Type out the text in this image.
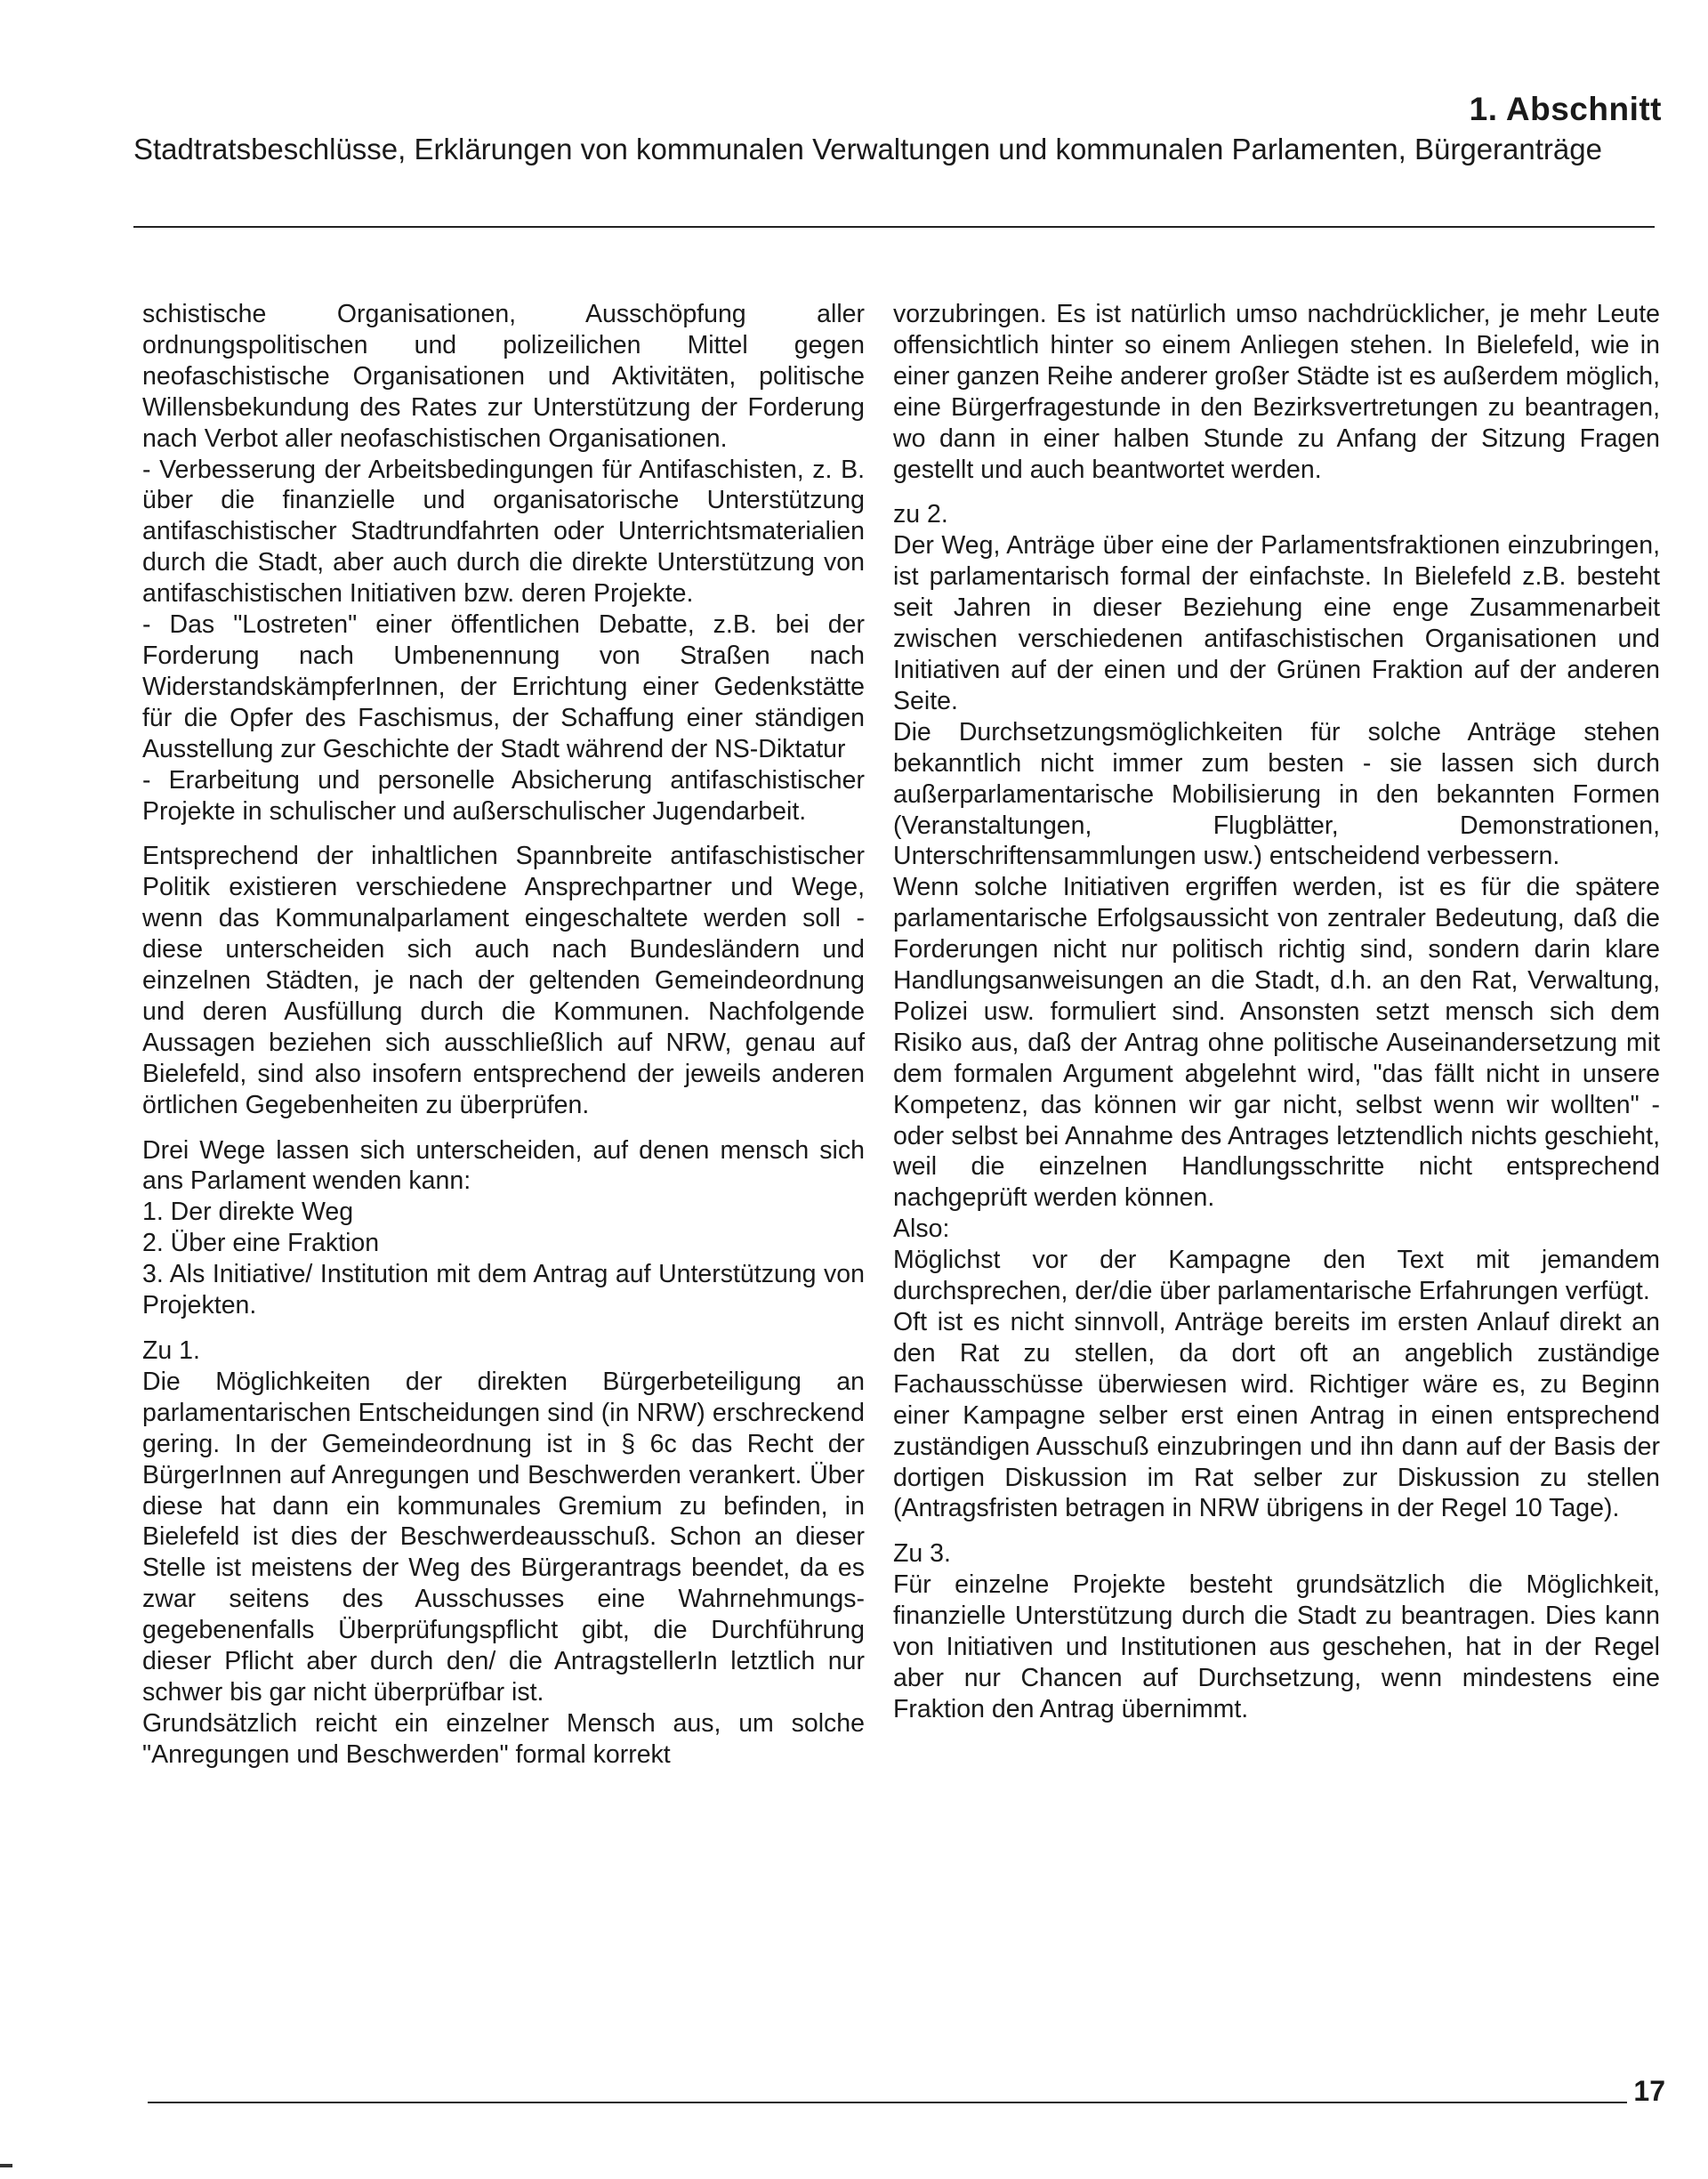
1. Abschnitt
Stadtratsbeschlüsse, Erklärungen von kommunalen Verwaltungen und kommunalen Parlamenten, Bürgeranträge

schistische Organisationen, Ausschöpfung aller ordnungspolitischen und polizeilichen Mittel gegen neofaschistische Organisationen und Aktivitäten, politische Willensbekundung des Rates zur Unterstützung der Forderung nach Verbot aller neofaschistischen Organisationen.

- Verbesserung der Arbeitsbedingungen für Antifaschisten, z. B. über die finanzielle und organisatorische Unterstützung antifaschistischer Stadtrundfahrten oder Unterrichtsmaterialien durch die Stadt, aber auch durch die direkte Unterstützung von antifaschistischen Initiativen bzw. deren Projekte.

- Das "Lostreten" einer öffentlichen Debatte, z.B. bei der Forderung nach Umbenennung von Straßen nach WiderstandskämpferInnen, der Errichtung einer Gedenkstätte für die Opfer des Faschismus, der Schaffung einer ständigen Ausstellung zur Geschichte der Stadt während der NS-Diktatur

- Erarbeitung und personelle Absicherung antifaschistischer Projekte in schulischer und außerschulischer Jugendarbeit.

Entsprechend der inhaltlichen Spannbreite antifaschistischer Politik existieren verschiedene Ansprechpartner und Wege, wenn das Kommunalparlament eingeschaltete werden soll - diese unterscheiden sich auch nach Bundesländern und einzelnen Städten, je nach der geltenden Gemeindeordnung und deren Ausfüllung durch die Kommunen. Nachfolgende Aussagen beziehen sich ausschließlich auf NRW, genau auf Bielefeld, sind also insofern entsprechend der jeweils anderen örtlichen Gegebenheiten zu überprüfen.

Drei Wege lassen sich unterscheiden, auf denen mensch sich ans Parlament wenden kann:

1. Der direkte Weg

2. Über eine Fraktion

3. Als Initiative/ Institution mit dem Antrag auf Unterstützung von Projekten.

Zu 1.

Die Möglichkeiten der direkten Bürgerbeteiligung an parlamentarischen Entscheidungen sind (in NRW) erschreckend gering. In der Gemeindeordnung ist in § 6c das Recht der BürgerInnen auf Anregungen und Beschwerden verankert. Über diese hat dann ein kommunales Gremium zu befinden, in Bielefeld ist dies der Beschwerdeausschuß. Schon an dieser Stelle ist meistens der Weg des Bürgerantrags beendet, da es zwar seitens des Ausschusses eine Wahrnehmungs- gegebenenfalls Überprüfungspflicht gibt, die Durchführung dieser Pflicht aber durch den/ die AntragstellerIn letztlich nur schwer bis gar nicht überprüfbar ist.

Grundsätzlich reicht ein einzelner Mensch aus, um solche "Anregungen und Beschwerden" formal korrekt

vorzubringen. Es ist natürlich umso nachdrücklicher, je mehr Leute offensichtlich hinter so einem Anliegen stehen. In Bielefeld, wie in einer ganzen Reihe anderer großer Städte ist es außerdem möglich, eine Bürgerfragestunde in den Bezirksvertretungen zu beantragen, wo dann in einer halben Stunde zu Anfang der Sitzung Fragen gestellt und auch beantwortet werden.

zu 2.

Der Weg, Anträge über eine der Parlamentsfraktionen einzubringen, ist parlamentarisch formal der einfachste. In Bielefeld z.B. besteht seit Jahren in dieser Beziehung eine enge Zusammenarbeit zwischen verschiedenen antifaschistischen Organisationen und Initiativen auf der einen und der Grünen Fraktion auf der anderen Seite.

Die Durchsetzungsmöglichkeiten für solche Anträge stehen bekanntlich nicht immer zum besten - sie lassen sich durch außerparlamentarische Mobilisierung in den bekannten Formen (Veranstaltungen, Flugblätter, Demonstrationen, Unterschriftensammlungen usw.) entscheidend verbessern.

Wenn solche Initiativen ergriffen werden, ist es für die spätere parlamentarische Erfolgsaussicht von zentraler Bedeutung, daß die Forderungen nicht nur politisch richtig sind, sondern darin klare Handlungsanweisungen an die Stadt, d.h. an den Rat, Verwaltung, Polizei usw. formuliert sind. Ansonsten setzt mensch sich dem Risiko aus, daß der Antrag ohne politische Auseinandersetzung mit dem formalen Argument abgelehnt wird, "das fällt nicht in unsere Kompetenz, das können wir gar nicht, selbst wenn wir wollten" - oder selbst bei Annahme des Antrages letztendlich nichts geschieht, weil die einzelnen Handlungsschritte nicht entsprechend nachgeprüft werden können.

Also:

Möglichst vor der Kampagne den Text mit jemandem durchsprechen, der/die über parlamentarische Erfahrungen verfügt.

Oft ist es nicht sinnvoll, Anträge bereits im ersten Anlauf direkt an den Rat zu stellen, da dort oft an angeblich zuständige Fachausschüsse überwiesen wird. Richtiger wäre es, zu Beginn einer Kampagne selber erst einen Antrag in einen entsprechend zuständigen Ausschuß einzubringen und ihn dann auf der Basis der dortigen Diskussion im Rat selber zur Diskussion zu stellen (Antragsfristen betragen in NRW übrigens in der Regel 10 Tage).

Zu 3.

Für einzelne Projekte besteht grundsätzlich die Möglichkeit, finanzielle Unterstützung durch die Stadt zu beantragen. Dies kann von Initiativen und Institutionen aus geschehen, hat in der Regel aber nur Chancen auf Durchsetzung, wenn mindestens eine Fraktion den Antrag übernimmt.

17
